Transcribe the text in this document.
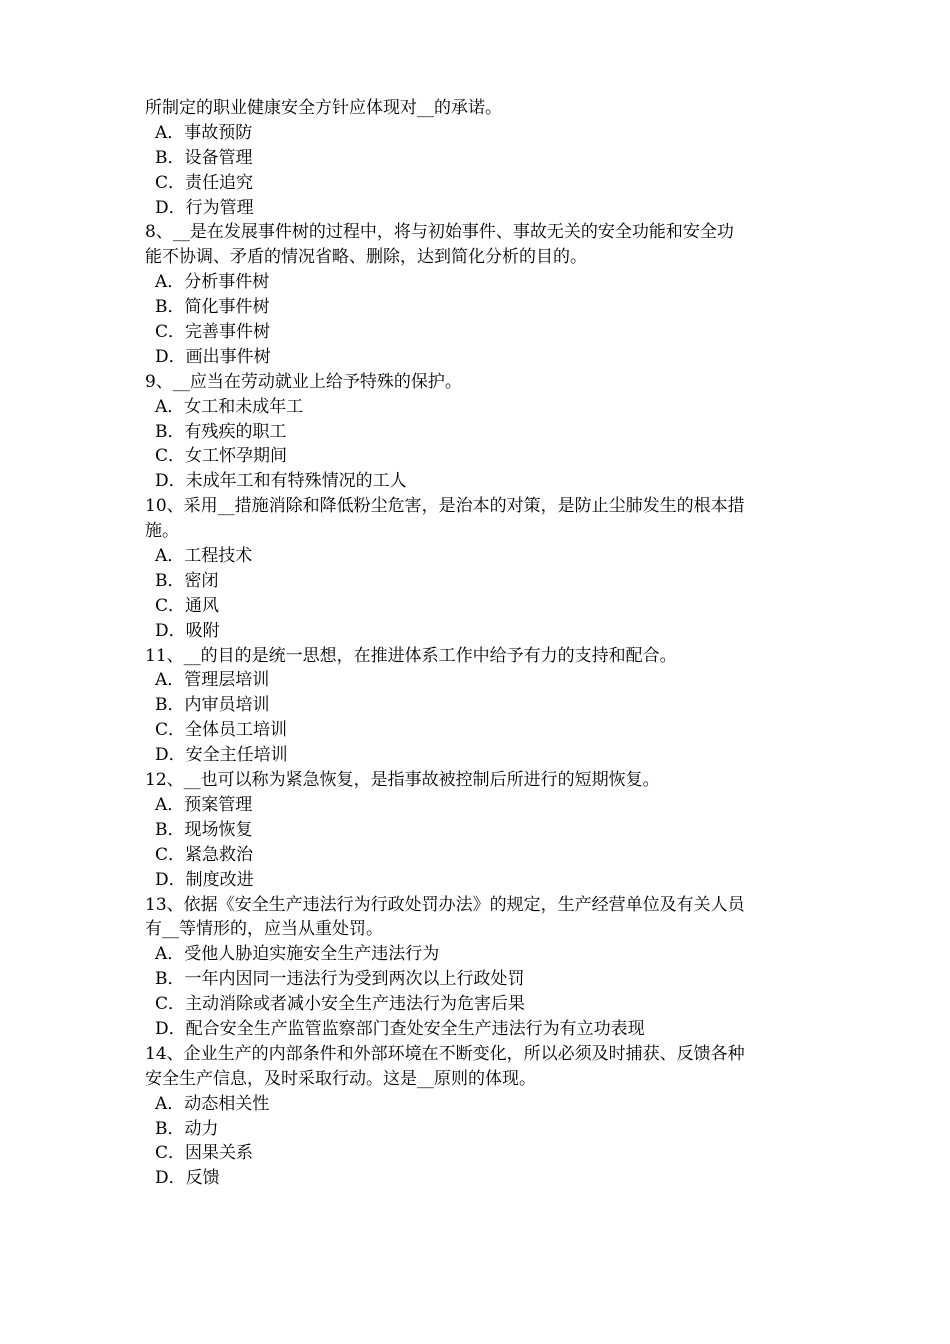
所制定的职业健康安全方针应体现对__的承诺。
A．事故预防
B．设备管理
C．责任追究
D．行为管理
8、__是在发展事件树的过程中，将与初始事件、事故无关的安全功能和安全功
能不协调、矛盾的情况省略、删除，达到简化分析的目的。
A．分析事件树
B．简化事件树
C．完善事件树
D．画出事件树
9、__应当在劳动就业上给予特殊的保护。
A．女工和未成年工
B．有残疾的职工
C．女工怀孕期间
D．未成年工和有特殊情况的工人
10、采用__措施消除和降低粉尘危害，是治本的对策，是防止尘肺发生的根本措
施。
A．工程技术
B．密闭
C．通风
D．吸附
11、__的目的是统一思想，在推进体系工作中给予有力的支持和配合。
A．管理层培训
B．内审员培训
C．全体员工培训
D．安全主任培训
12、__也可以称为紧急恢复，是指事故被控制后所进行的短期恢复。
A．预案管理
B．现场恢复
C．紧急救治
D．制度改进
13、依据《安全生产违法行为行政处罚办法》的规定，生产经营单位及有关人员
有__等情形的，应当从重处罚。
A．受他人胁迫实施安全生产违法行为
B．一年内因同一违法行为受到两次以上行政处罚
C．主动消除或者减小安全生产违法行为危害后果
D．配合安全生产监管监察部门查处安全生产违法行为有立功表现
14、企业生产的内部条件和外部环境在不断变化，所以必须及时捕获、反馈各种
安全生产信息，及时采取行动。这是__原则的体现。
A．动态相关性
B．动力
C．因果关系
D．反馈
